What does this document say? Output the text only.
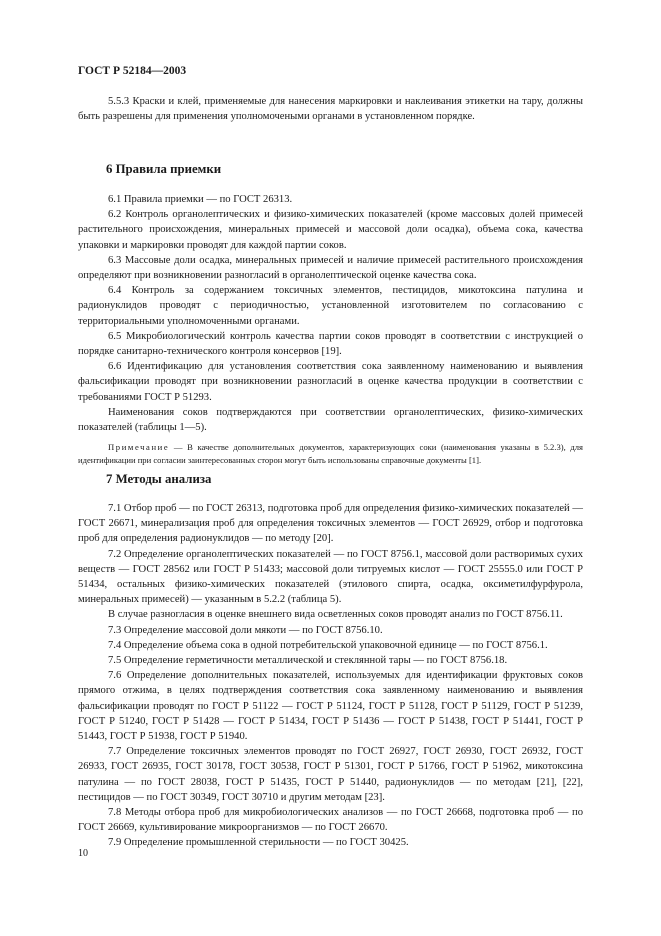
ГОСТ Р 52184—2003

5.5.3 Краски и клей, применяемые для нанесения маркировки и наклеивания этикетки на тару, должны быть разрешены для применения уполномочеными органами в установленном порядке.

6 Правила приемки

6.1 Правила приемки — по ГОСТ 26313.

6.2 Контроль органолептических и физико-химических показателей (кроме массовых долей примесей растительного происхождения, минеральных примесей и массовой доли осадка), объема сока, качества упаковки и маркировки проводят для каждой партии соков.

6.3 Массовые доли осадка, минеральных примесей и наличие примесей растительного происхождения определяют при возникновении разногласий в органолептической оценке качества сока.

6.4 Контроль за содержанием токсичных элементов, пестицидов, микотоксина патулина и радионуклидов проводят с периодичностью, установленной изготовителем по согласованию с территориальными уполномоченными органами.

6.5 Микробиологический контроль качества партии соков проводят в соответствии с инструкцией о порядке санитарно-технического контроля консервов [19].

6.6 Идентификацию для установления соответствия сока заявленному наименованию и выявления фальсификации проводят при возникновении разногласий в оценке качества продукции в соответствии с требованиями ГОСТ Р 51293.

Наименования соков подтверждаются при соответствии органолептических, физико-химических показателей (таблицы 1—5).

Примечание — В качестве дополнительных документов, характеризующих соки (наименования указаны в 5.2.3), для идентификации при согласии заинтересованных сторон могут быть использованы справочные документы [1].

7 Методы анализа

7.1 Отбор проб — по ГОСТ 26313, подготовка проб для определения физико-химических показателей — ГОСТ 26671, минерализация проб для определения токсичных элементов — ГОСТ 26929, отбор и подготовка проб для определения радионуклидов — по методу [20].

7.2 Определение органолептических показателей — по ГОСТ 8756.1, массовой доли растворимых сухих веществ — ГОСТ 28562 или ГОСТ Р 51433; массовой доли титруемых кислот — ГОСТ 25555.0 или ГОСТ Р 51434, остальных физико-химических показателей (этилового спирта, осадка, оксиметилфурфурола, минеральных примесей) — указанным в 5.2.2 (таблица 5).

В случае разногласия в оценке внешнего вида осветленных соков проводят анализ по ГОСТ 8756.11.

7.3 Определение массовой доли мякоти — по ГОСТ 8756.10.

7.4 Определение объема сока в одной потребительской упаковочной единице — по ГОСТ 8756.1.

7.5 Определение герметичности металлической и стеклянной тары — по ГОСТ 8756.18.

7.6 Определение дополнительных показателей, используемых для идентификации фруктовых соков прямого отжима, в целях подтверждения соответствия сока заявленному наименованию и выявления фальсификации проводят по ГОСТ Р 51122 — ГОСТ Р 51124, ГОСТ Р 51128, ГОСТ Р 51129, ГОСТ Р 51239, ГОСТ Р 51240, ГОСТ Р 51428 — ГОСТ Р 51434, ГОСТ Р 51436 — ГОСТ Р 51438, ГОСТ Р 51441, ГОСТ Р 51443, ГОСТ Р 51938, ГОСТ Р 51940.

7.7 Определение токсичных элементов проводят по ГОСТ 26927, ГОСТ 26930, ГОСТ 26932, ГОСТ 26933, ГОСТ 26935, ГОСТ 30178, ГОСТ 30538, ГОСТ Р 51301, ГОСТ Р 51766, ГОСТ Р 51962, микотоксина патулина — по ГОСТ 28038, ГОСТ Р 51435, ГОСТ Р 51440, радионуклидов — по методам [21], [22], пестицидов — по ГОСТ 30349, ГОСТ 30710 и другим методам [23].

7.8 Методы отбора проб для микробиологических анализов — по ГОСТ 26668, подготовка проб — по ГОСТ 26669, культивирование микроорганизмов — по ГОСТ 26670.

7.9 Определение промышленной стерильности — по ГОСТ 30425.

10
